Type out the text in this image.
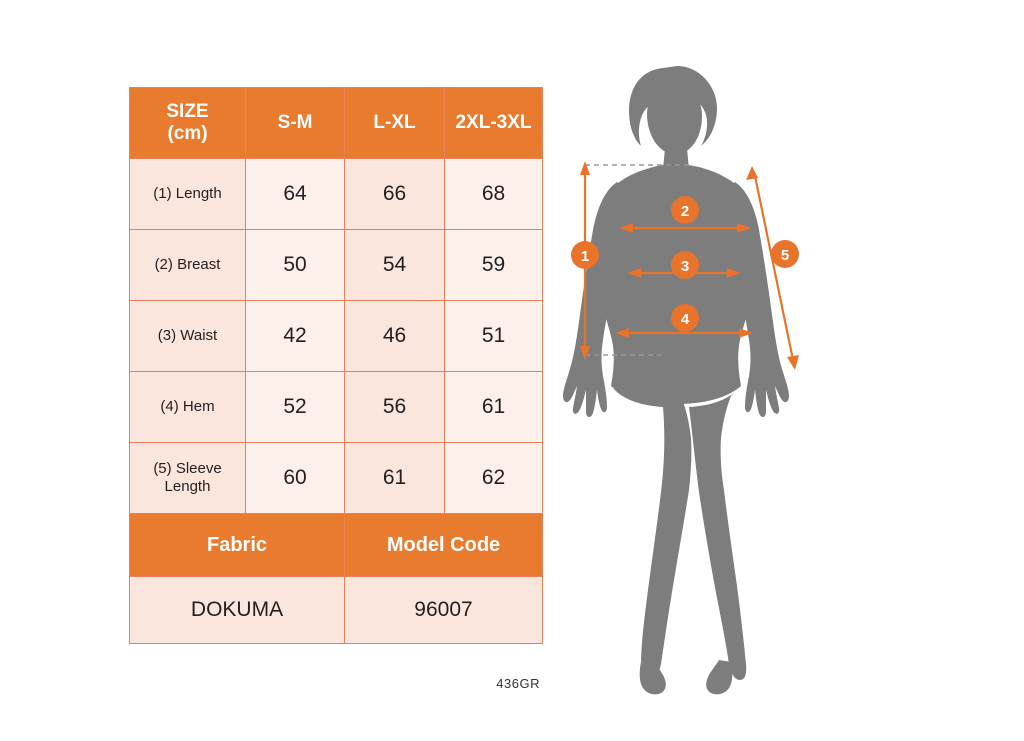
SIZE
(cm)	S-M	L-XL	2XL-3XL
(1) Length	64	66	68
(2) Breast	50	54	59
(3) Waist	42	46	51
(4) Hem	52	56	61
(5) Sleeve Length	60	61	62
Fabric		Model Code	
DOKUMA		96007	
436GR
1
2
3
4
5
